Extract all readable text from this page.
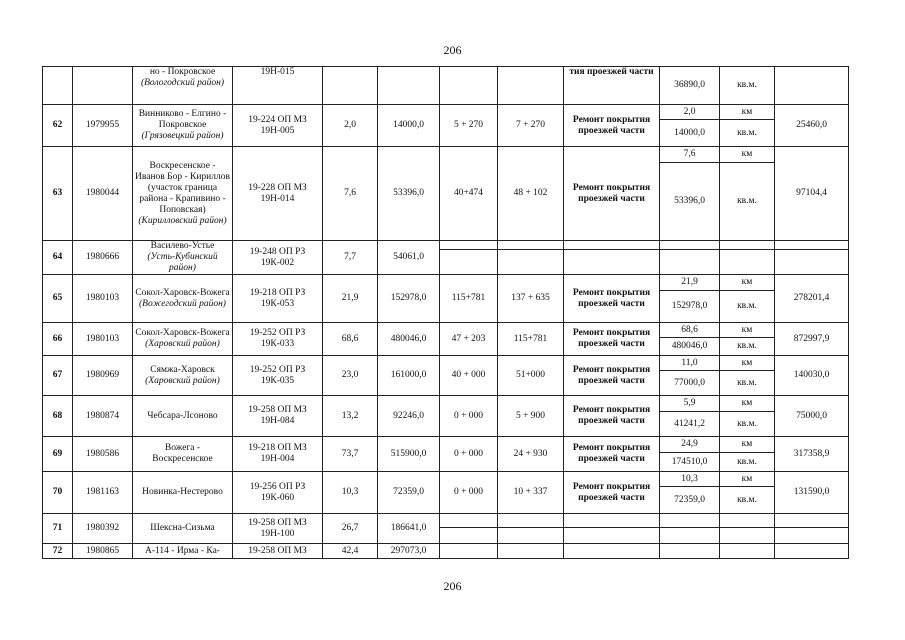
206
		но - Покровское
(Вологодский район)	19Н-015					тия проезжей части	36890,0	кв.м.	
62	1979955	Винниково - Елгино - Покровское
(Грязовецкий район)	19-224 ОП МЗ 19Н-005	2,0	14000,0	5 + 270	7 + 270	Ремонт покрытия проезжей части	2,0	км	25460,0
									14000,0	кв.м.	
63	1980044	Воскресенское - Иванов Бор - Кириллов (участок граница района - Крапивино - Поповская) (Кирилловский район)	19-228 ОП МЗ 19Н-014	7,6	53396,0	40+474	48 + 102	Ремонт покрытия проезжей части	7,6	км	97104,4
									53396,0	кв.м.	
64	1980666	Василево-Устье
(Усть-Кубинский район)	19-248 ОП РЗ 19К-002	7,7	54061,0						

65	1980103	Сокол-Харовск-Вожега
(Вожегодский район)	19-218 ОП РЗ 19К-053	21,9	152978,0	115+781	137 + 635	Ремонт покрытия проезжей части	21,9	км	278201,4
									152978,0	кв.м.	
66	1980103	Сокол-Харовск-Вожега
(Харовский район)	19-252 ОП РЗ 19К-033	68,6	480046,0	47 + 203	115+781	Ремонт покрытия проезжей части	68,6	км	872997,9
									480046,0	кв.м.	
67	1980969	Сямжа-Харовск
(Харовский район)	19-252 ОП РЗ 19К-035	23,0	161000,0	40 + 000	51+000	Ремонт покрытия проезжей части	11,0	км	140030,0
									77000,0	кв.м.	
68	1980874	Чебсара-Лсоново	19-258 ОП МЗ 19Н-084	13,2	92246,0	0 + 000	5 + 900	Ремонт покрытия проезжей части	5,9	км	75000,0
									41241,2	кв.м.	
69	1980586	Вожега - Воскресенское	19-218 ОП МЗ 19Н-004	73,7	515900,0	0 + 000	24 + 930	Ремонт покрытия проезжей части	24,9	км	317358,9
									174510,0	кв.м.	
70	1981163	Новинка-Нестерово	19-256 ОП РЗ 19К-060	10,3	72359,0	0 + 000	10 + 337	Ремонт покрытия проезжей части	10,3	км	131590,0
									72359,0	кв.м.	
71	1980392	Шексна-Сизьма	19-258 ОП МЗ 19Н-100	26,7	186641,0						

72	1980865	А-114 - Ирма - Ка-	19-258 ОП МЗ	42,4	297073,0						
206
